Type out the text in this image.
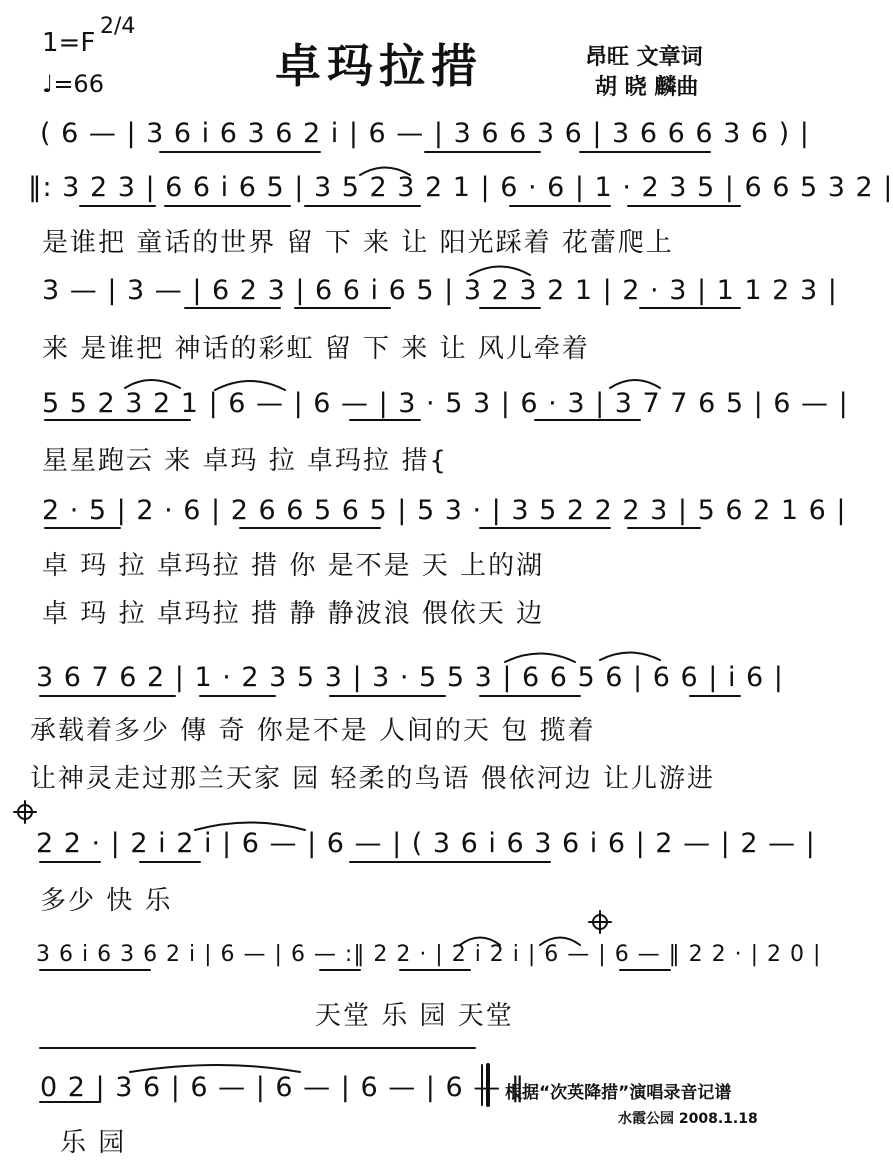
1=F
2/4
♩=66	卓玛拉措	昂旺 文章词
胡 晓 麟曲
( 6 — | 3 6 i 6 3 6 2 i | 6 — | 3 6 6 3 6 | 3 6 6 6 3 6 ) |
‖: 3 2 3 | 6 6 i 6 5 | 3 5 2 3 2 1 | 6 · 6 | 1 · 2 3 5 | 6 6 5 3 2 |
是谁把 童话的世界 留 下 来 让 阳光踩着 花蕾爬上
3 — | 3 — | 6 2 3 | 6 6 i 6 5 | 3 2 3 2 1 | 2 · 3 | 1 1 2 3 |
来 是谁把 神话的彩虹 留 下 来 让 风儿牵着
5 5 2 3 2 1 | 6 — | 6 — | 3 · 5 3 | 6 · 3 | 3 7 7 6 5 | 6 — |
星星跑云 来 卓玛 拉 卓玛拉 措{
2 · 5 | 2 · 6 | 2 6 6 5 6 5 | 5 3 · | 3 5 2 2 2 3 | 5 6 2 1 6 |
卓 玛 拉 卓玛拉 措 你 是不是 天 上的湖
卓 玛 拉 卓玛拉 措 静 静波浪 偎依天 边
3 6 7 6 2 | 1 · 2 3 5 3 | 3 · 5 5 3 | 6 6 5 6 | 6 6 | i 6 |
承载着多少 傳 奇 你是不是 人间的天 包 揽着
让神灵走过那兰天家 园 轻柔的鸟语 偎依河边 让儿游进
2 2 · | 2 i 2 i | 6 — | 6 — | ( 3 6 i 6 3 6 i 6 | 2 — | 2 — |
多少 快 乐
3 6 i 6 3 6 2 i | 6 — | 6 — :‖ 2 2 · | 2 i 2 i | 6 — | 6 — ‖ 2 2 · | 2 0 |
天堂 乐 园 天堂
0 2 | 3 6 | 6 — | 6 — | 6 — | 6 — ‖
乐 园
根据“次英降措”演唱录音记谱
水霞公园 2008.1.18
